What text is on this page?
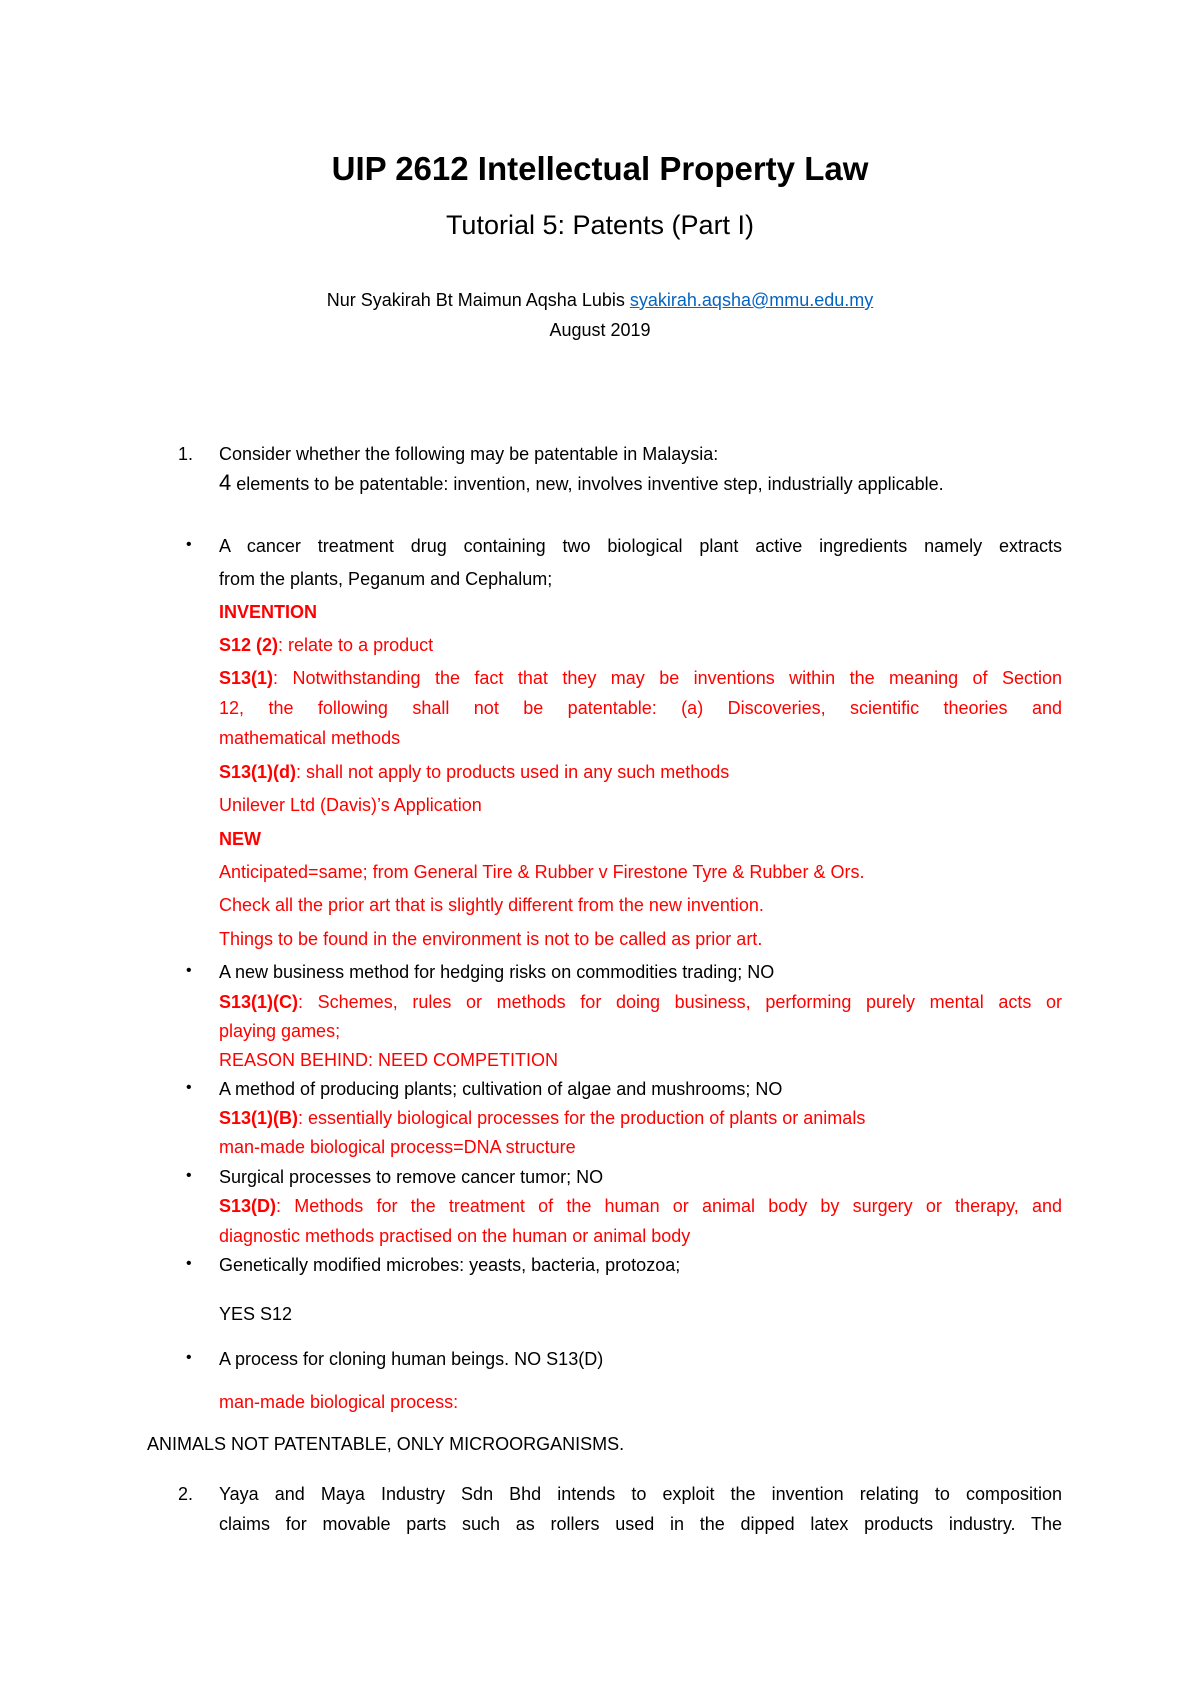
UIP 2612 Intellectual Property Law
Tutorial 5: Patents (Part I)
Nur Syakirah Bt Maimun Aqsha Lubis syakirah.aqsha@mmu.edu.my
August 2019
1. Consider whether the following may be patentable in Malaysia:
4 elements to be patentable: invention, new, involves inventive step, industrially applicable.
• A cancer treatment drug containing two biological plant active ingredients namely extracts
from the plants, Peganum and Cephalum;
INVENTION
S12 (2): relate to a product
S13(1): Notwithstanding the fact that they may be inventions within the meaning of Section
12, the following shall not be patentable: (a) Discoveries, scientific theories and
mathematical methods
S13(1)(d): shall not apply to products used in any such methods
Unilever Ltd (Davis)’s Application
NEW
Anticipated=same; from General Tire & Rubber v Firestone Tyre & Rubber & Ors.
Check all the prior art that is slightly different from the new invention.
Things to be found in the environment is not to be called as prior art.
• A new business method for hedging risks on commodities trading; NO
S13(1)(C): Schemes, rules or methods for doing business, performing purely mental acts or
playing games;
REASON BEHIND: NEED COMPETITION
• A method of producing plants; cultivation of algae and mushrooms; NO
S13(1)(B): essentially biological processes for the production of plants or animals
man-made biological process=DNA structure
• Surgical processes to remove cancer tumor; NO
S13(D): Methods for the treatment of the human or animal body by surgery or therapy, and
diagnostic methods practised on the human or animal body
• Genetically modified microbes: yeasts, bacteria, protozoa;
YES S12
• A process for cloning human beings. NO S13(D)
man-made biological process:
ANIMALS NOT PATENTABLE, ONLY MICROORGANISMS.
2. Yaya and Maya Industry Sdn Bhd intends to exploit the invention relating to composition
claims for movable parts such as rollers used in the dipped latex products industry. The
